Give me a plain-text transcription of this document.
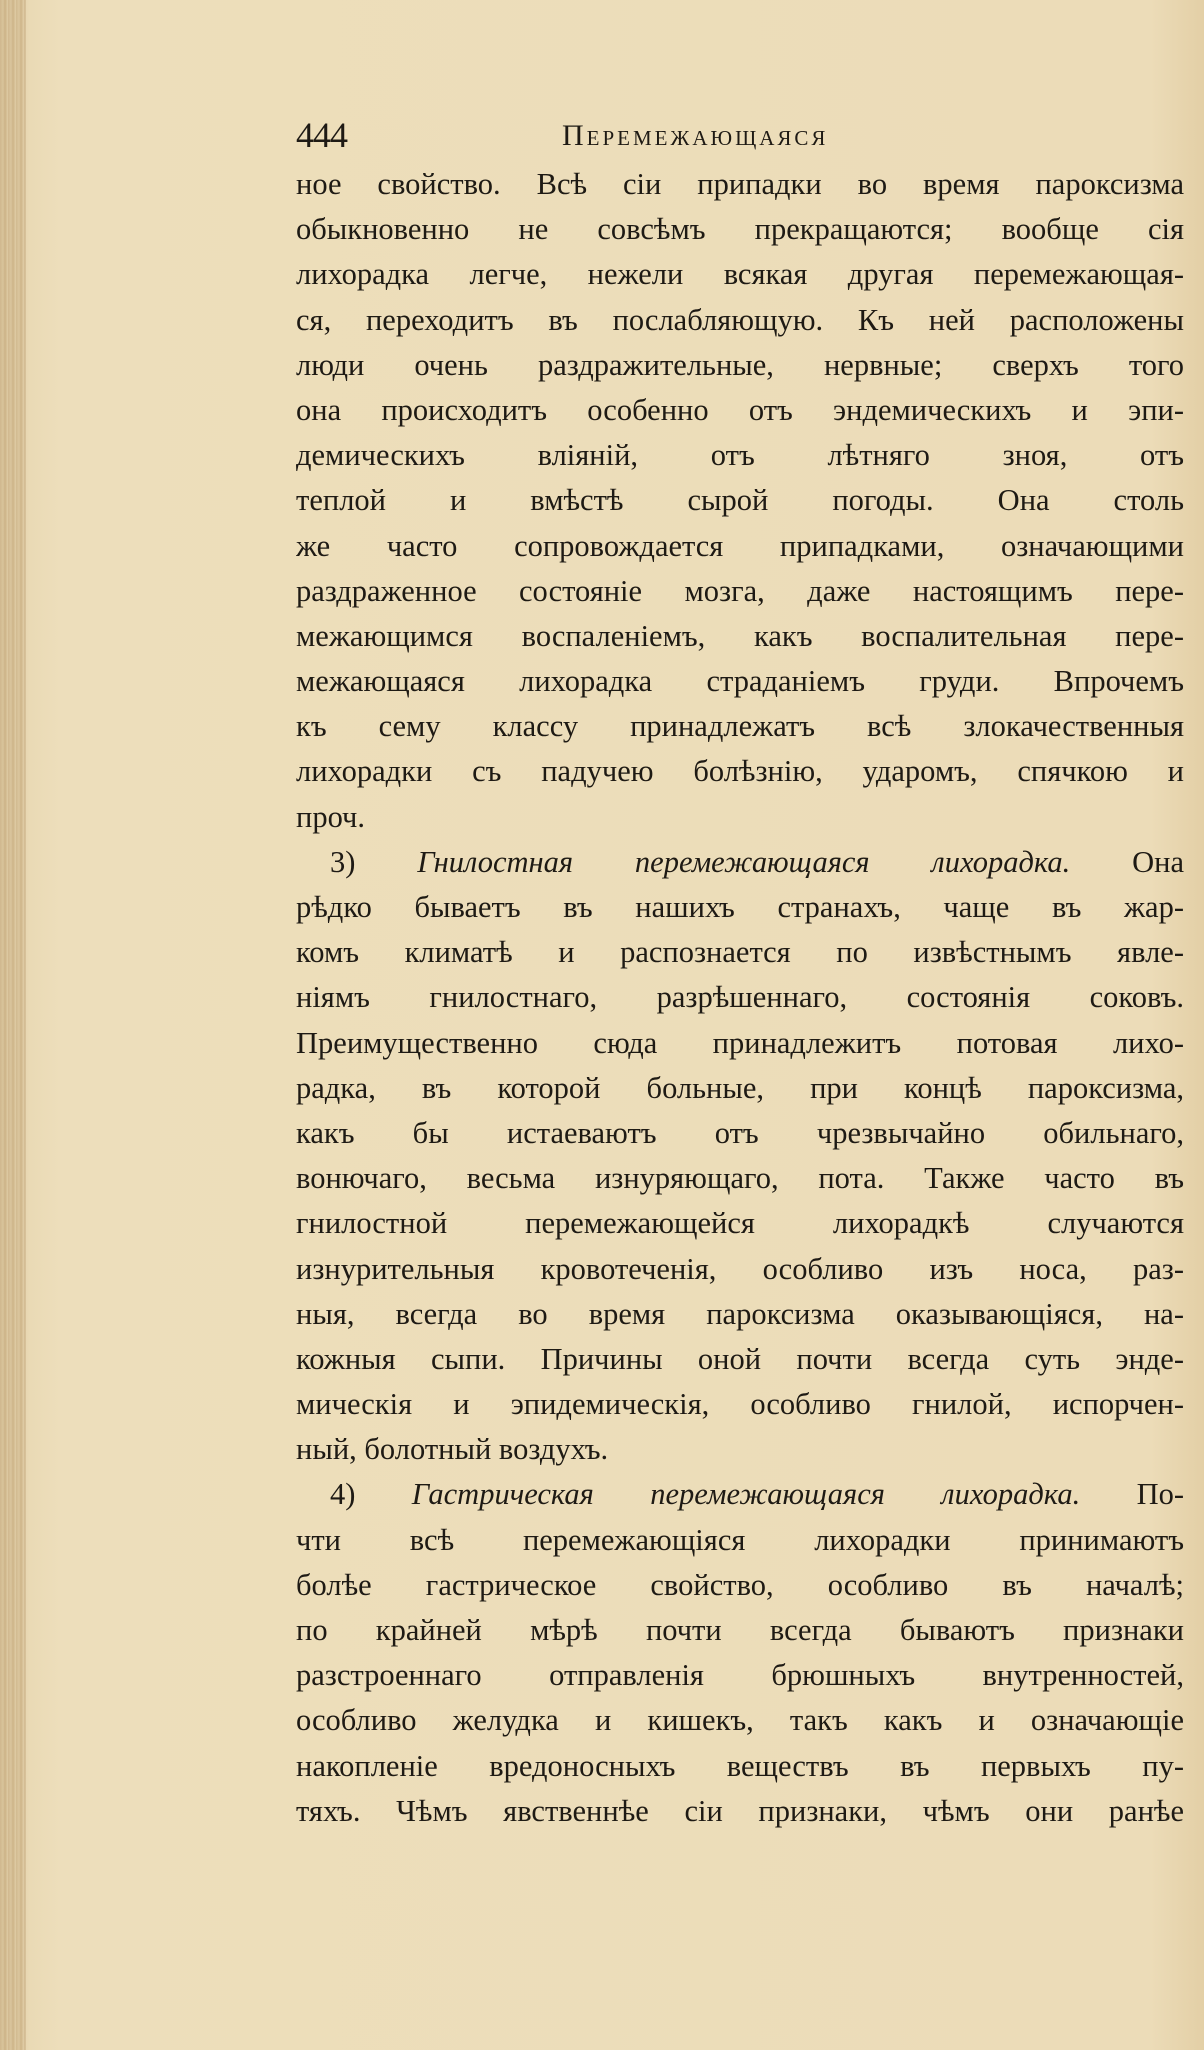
444	Перемежающаяся
ное свойство. Всѣ сіи припадки во время пароксизма
обыкновенно не совсѣмъ прекращаются; вообще сія
лихорадка легче, нежели всякая другая перемежающая-
ся, переходитъ въ послабляющую. Къ ней расположены
люди очень раздражительные, нервные; сверхъ того
она происходитъ особенно отъ эндемическихъ и эпи-
демическихъ вліяній, отъ лѣтняго зноя, отъ
теплой и вмѣстѣ сырой погоды. Она столь
же часто сопровождается припадками, означающими
раздраженное состояніе мозга, даже настоящимъ пере-
межающимся воспаленіемъ, какъ воспалительная пере-
межающаяся лихорадка страданіемъ груди. Впрочемъ
къ сему классу принадлежатъ всѣ злокачественныя
лихорадки съ падучею болѣзнію, ударомъ, спячкою и
проч.
3) Гнилостная перемежающаяся лихорадка. Она
рѣдко бываетъ въ нашихъ странахъ, чаще въ жар-
комъ климатѣ и распознается по извѣстнымъ явле-
ніямъ гнилостнаго, разрѣшеннаго, состоянія соковъ.
Преимущественно сюда принадлежитъ потовая лихо-
радка, въ которой больные, при концѣ пароксизма,
какъ бы истаеваютъ отъ чрезвычайно обильнаго,
вонючаго, весьма изнуряющаго, пота. Также часто въ
гнилостной перемежающейся лихорадкѣ случаются
изнурительныя кровотеченія, особливо изъ носа, раз-
ныя, всегда во время пароксизма оказывающіяся, на-
кожныя сыпи. Причины оной почти всегда суть энде-
мическія и эпидемическія, особливо гнилой, испорчен-
ный, болотный воздухъ.
4) Гастрическая перемежающаяся лихорадка. По-
чти всѣ перемежающіяся лихорадки принимаютъ
болѣе гастрическое свойство, особливо въ началѣ;
по крайней мѣрѣ почти всегда бываютъ признаки
разстроеннаго отправленія брюшныхъ внутренностей,
особливо желудка и кишекъ, такъ какъ и означающіе
накопленіе вредоносныхъ веществъ въ первыхъ пу-
тяхъ. Чѣмъ явственнѣе сіи признаки, чѣмъ они ранѣе
